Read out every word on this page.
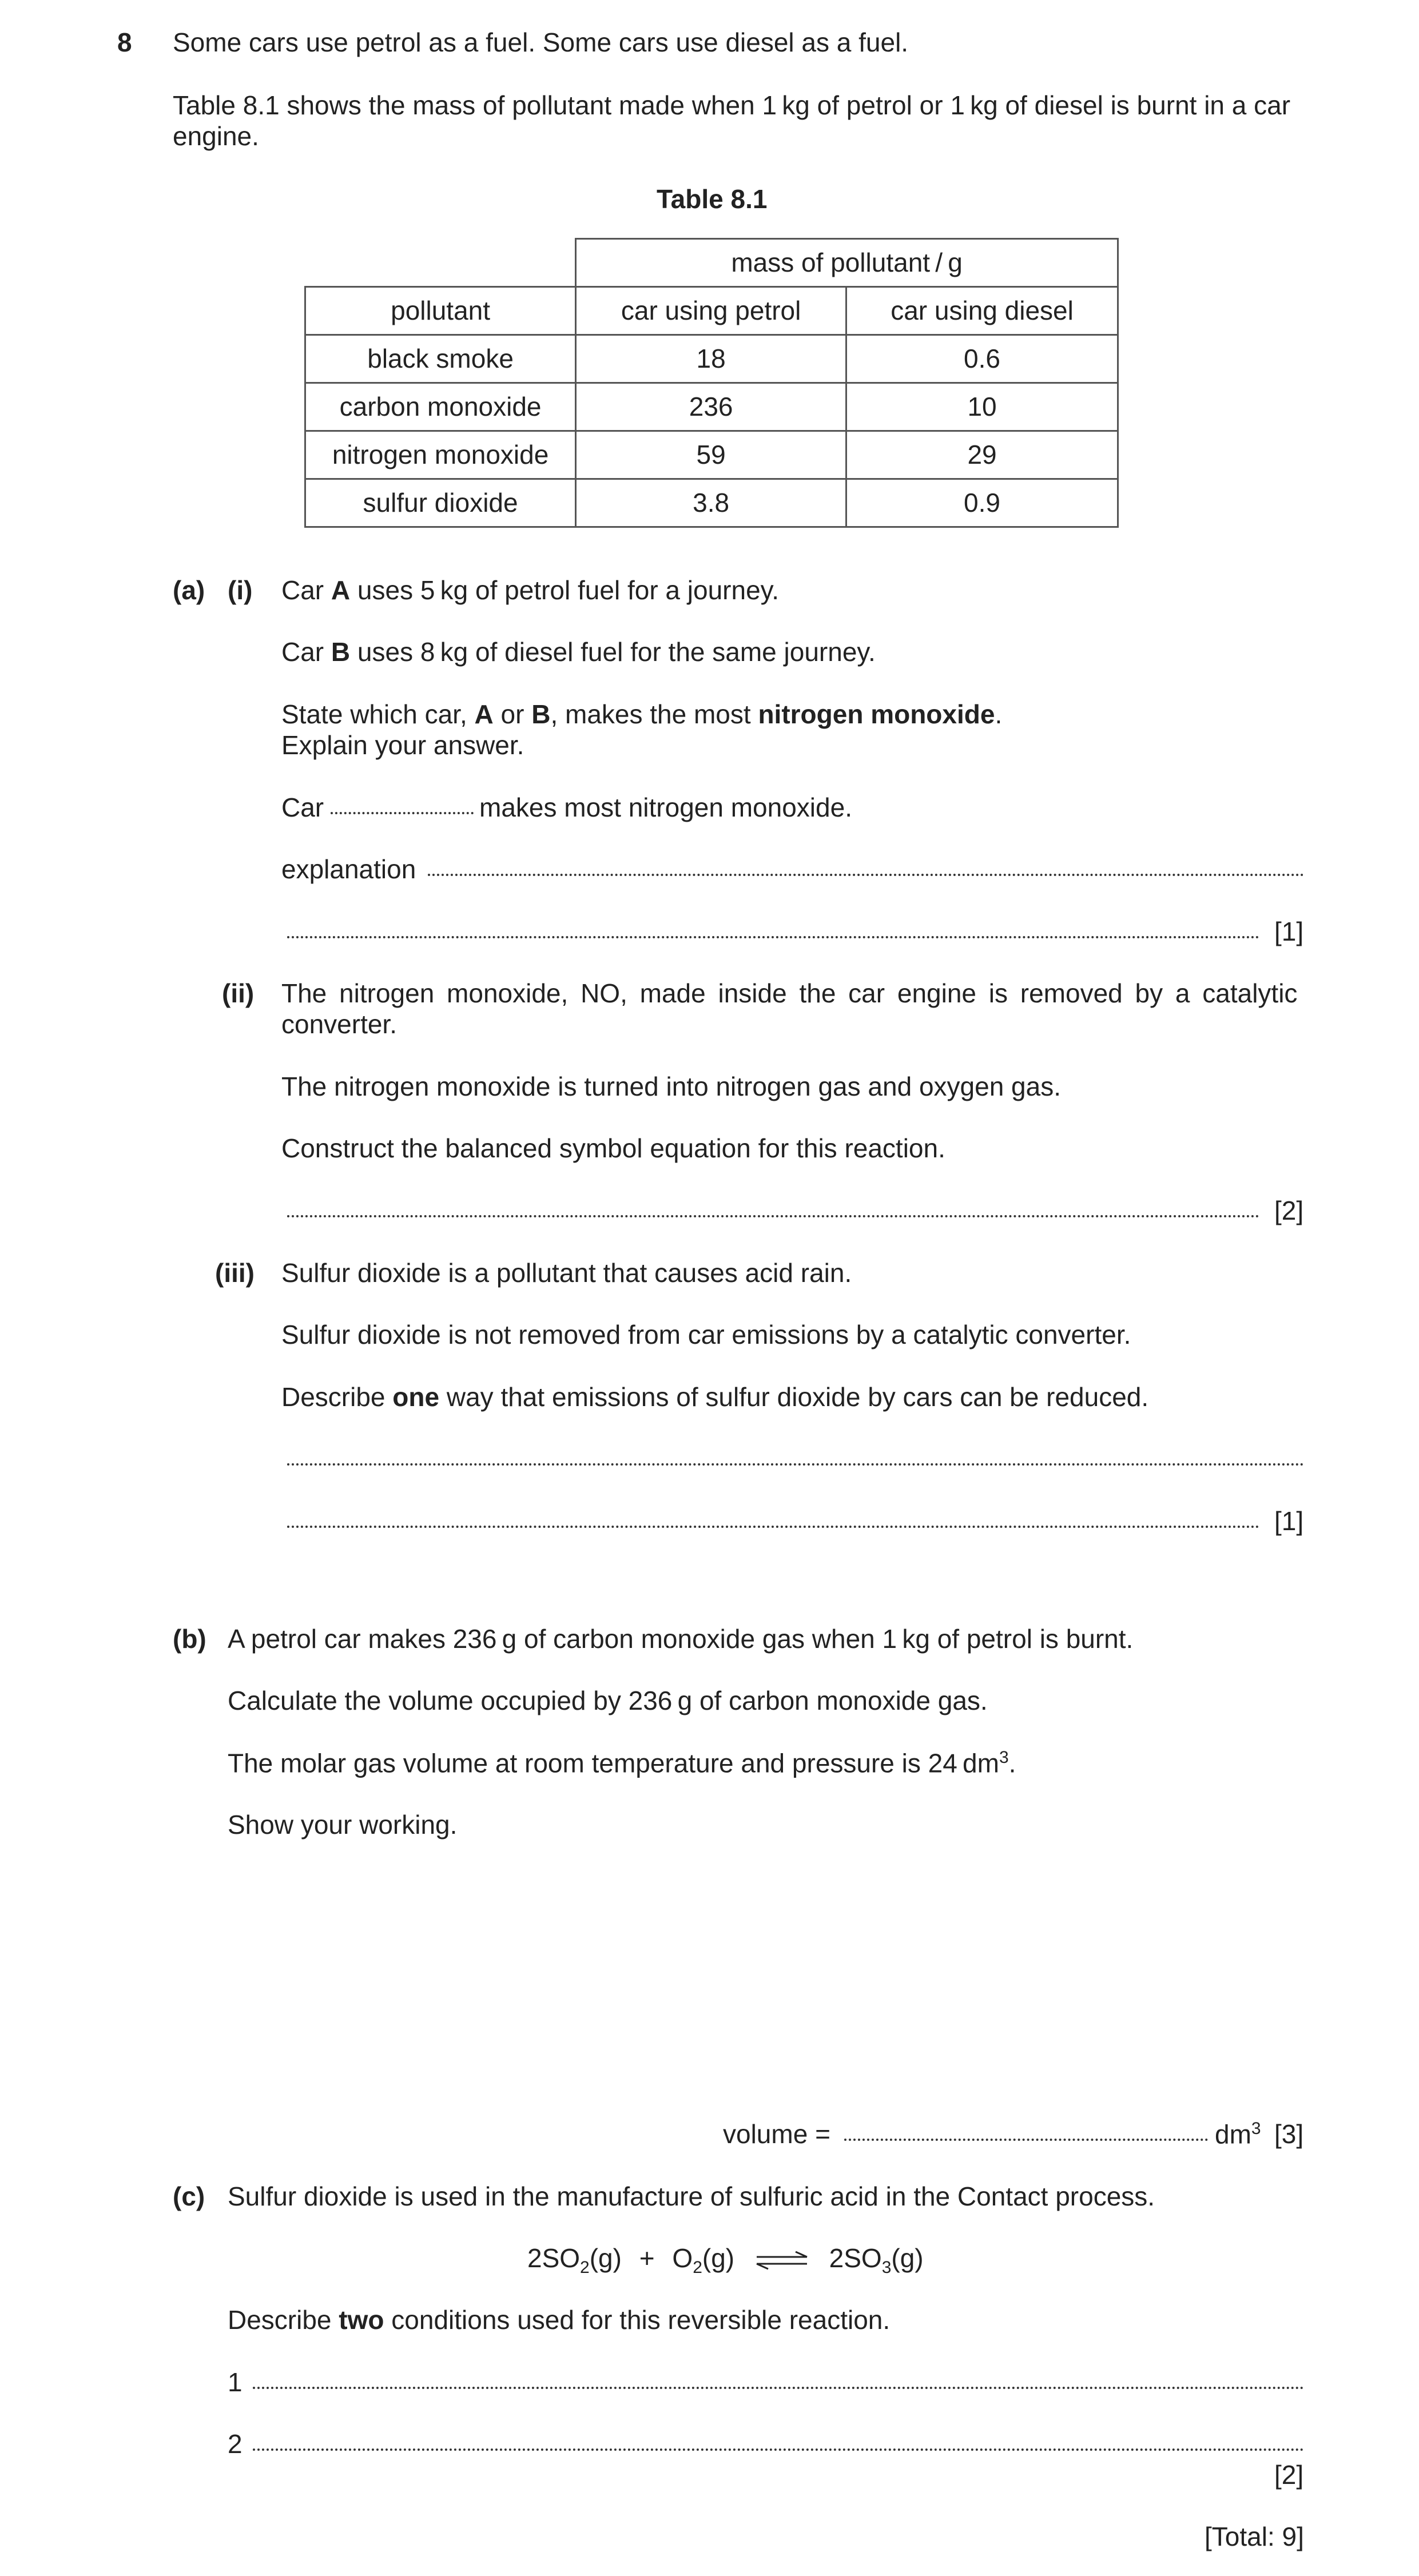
8 Some cars use petrol as a fuel. Some cars use diesel as a fuel.
Table 8.1 shows the mass of pollutant made when 1 kg of petrol or 1 kg of diesel is burnt in a car
engine.
Table 8.1
	mass of pollutant / g	
pollutant	car using petrol	car using diesel
black smoke	18	0.6
carbon monoxide	236	10
nitrogen monoxide	59	29
sulfur dioxide	3.8	0.9
(a) (i) Car A uses 5 kg of petrol fuel for a journey.
Car B uses 8 kg of diesel fuel for the same journey.
State which car, A or B, makes the most nitrogen monoxide.
Explain your answer.
Car	makes most nitrogen monoxide.
explanation
[1]
(ii) The nitrogen monoxide, NO, made inside the car engine is removed by a catalytic
converter.
The nitrogen monoxide is turned into nitrogen gas and oxygen gas.
Construct the balanced symbol equation for this reaction.
[2]
(iii) Sulfur dioxide is a pollutant that causes acid rain.
Sulfur dioxide is not removed from car emissions by a catalytic converter.
Describe one way that emissions of sulfur dioxide by cars can be reduced.
[1]
(b) A petrol car makes 236 g of carbon monoxide gas when 1 kg of petrol is burnt.
Calculate the volume occupied by 236 g of carbon monoxide gas.
The molar gas volume at room temperature and pressure is 24 $dm^3$.
Show your working.
volume =	$dm^3$ [3]
(c) Sulfur dioxide is used in the manufacture of sulfuric acid in the Contact process.
$2SO_2(g) + O_2(g)$ ⇌ $2SO_3(g)$
Describe two conditions used for this reversible reaction.
1
2
[2]
[Total: 9]
